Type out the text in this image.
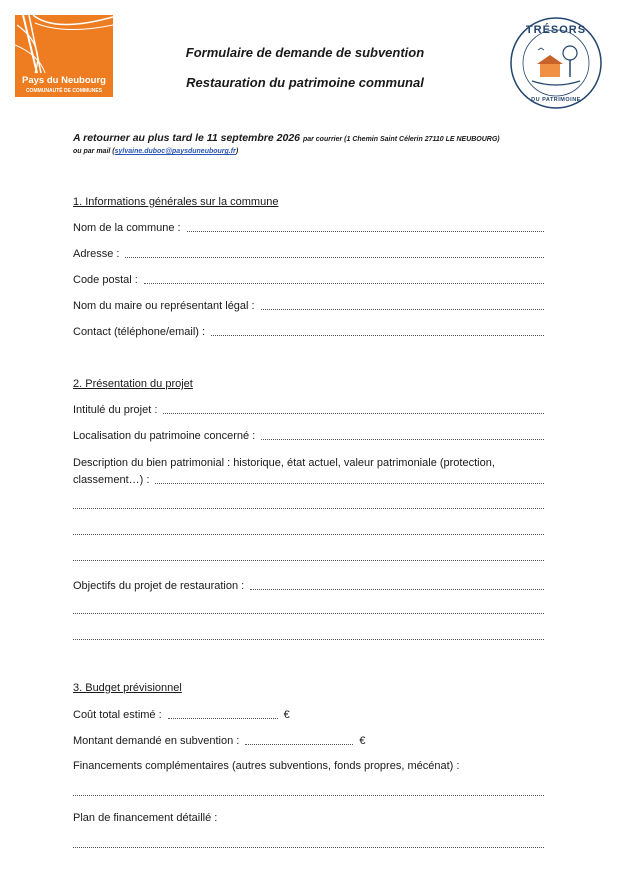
Pays du Neubourg
COMMUNAUTÉ DE COMMUNES
Formulaire de demande de subvention
Restauration du patrimoine communal
TRÉSORS
DU PATRIMOINE
A retourner au plus tard le 11 septembre 2026 par courrier (1 Chemin Saint Célerin 27110 LE NEUBOURG)
ou par mail (sylvaine.duboc@paysduneubourg.fr)
1. Informations générales sur la commune
Nom de la commune :
Adresse :
Code postal :
Nom du maire ou représentant légal :
Contact (téléphone/email) :
2. Présentation du projet
Intitulé du projet :
Localisation du patrimoine concerné :
Description du bien patrimonial : historique, état actuel, valeur patrimoniale (protection,
classement…) :
Objectifs du projet de restauration :
3. Budget prévisionnel
Coût total estimé :	€
Montant demandé en subvention :	€
Financements complémentaires (autres subventions, fonds propres, mécénat) :
Plan de financement détaillé :
